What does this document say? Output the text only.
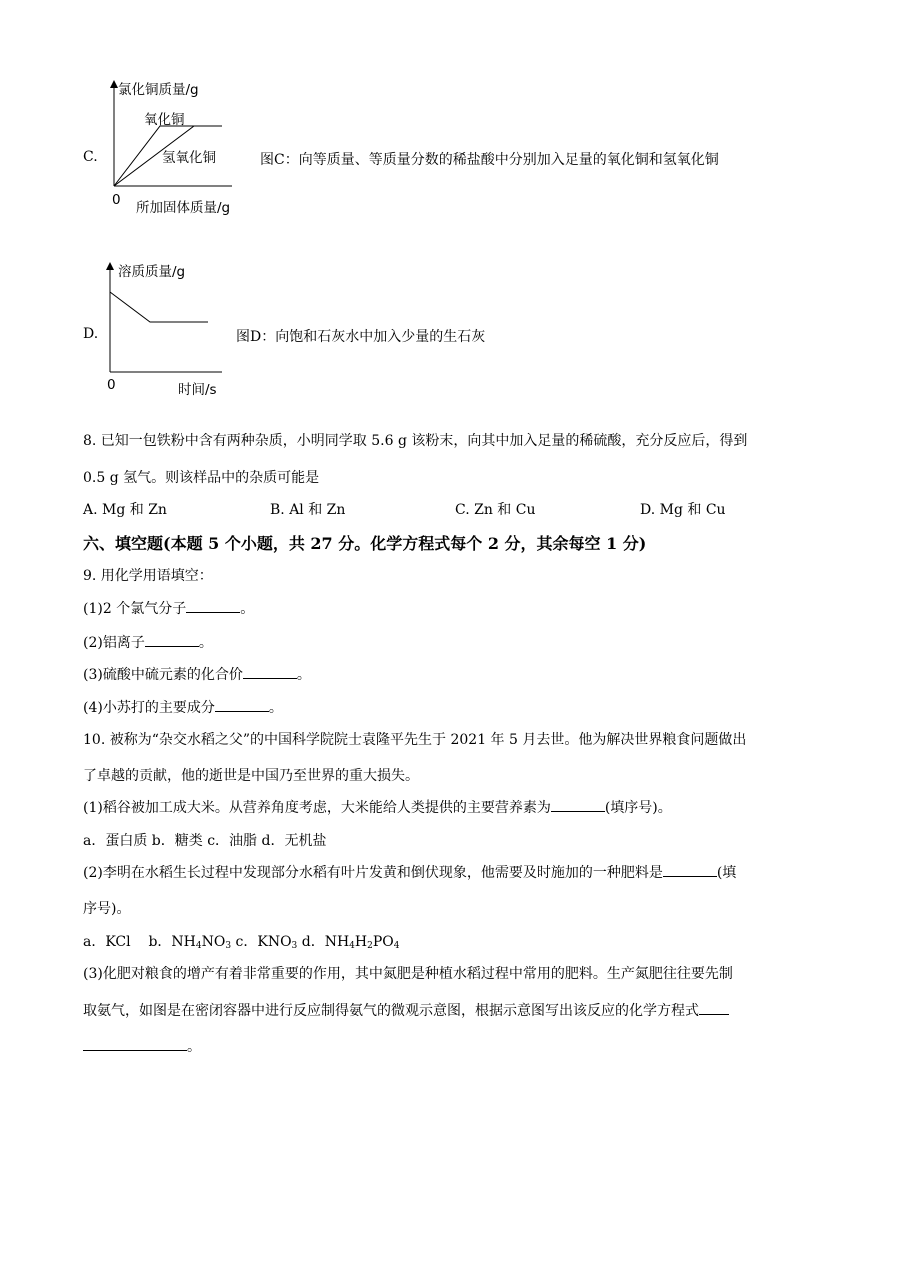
C.
氯化铜质量/g
氧化铜
氢氧化铜
0 所加固体质量/g
图C：向等质量、等质量分数的稀盐酸中分别加入足量的氧化铜和氢氧化铜
D.
溶质质量/g
0	时间/s
图D：向饱和石灰水中加入少量的生石灰
8. 已知一包铁粉中含有两种杂质，小明同学取 5.6 g 该粉末，向其中加入足量的稀硫酸，充分反应后，得到
0.5 g 氢气。则该样品中的杂质可能是
A. Mg 和 Zn	B. Al 和 Zn	C. Zn 和 Cu	D. Mg 和 Cu
六、填空题(本题 5 个小题，共 27 分。化学方程式每个 2 分，其余每空 1 分)
9. 用化学用语填空：
(1)2 个氯气分子	。
(2)铝离子	。
(3)硫酸中硫元素的化合价	。
(4)小苏打的主要成分	。
10. 被称为“杂交水稻之父”的中国科学院院士袁隆平先生于 2021 年 5 月去世。他为解决世界粮食问题做出
了卓越的贡献，他的逝世是中国乃至世界的重大损失。
(1)稻谷被加工成大米。从营养角度考虑，大米能给人类提供的主要营养素为	(填序号)。
a．蛋白质 b．糖类 c．油脂 d．无机盐
(2)李明在水稻生长过程中发现部分水稻有叶片发黄和倒伏现象，他需要及时施加的一种肥料是	(填
序号)。
a．KCl b．$NH_4NO_3$ c．$KNO_3$ d．$NH_4H_2PO_4$
(3)化肥对粮食的增产有着非常重要的作用，其中氮肥是种植水稻过程中常用的肥料。生产氮肥往往要先制
取氨气，如图是在密闭容器中进行反应制得氨气的微观示意图，根据示意图写出该反应的化学方程式
。
